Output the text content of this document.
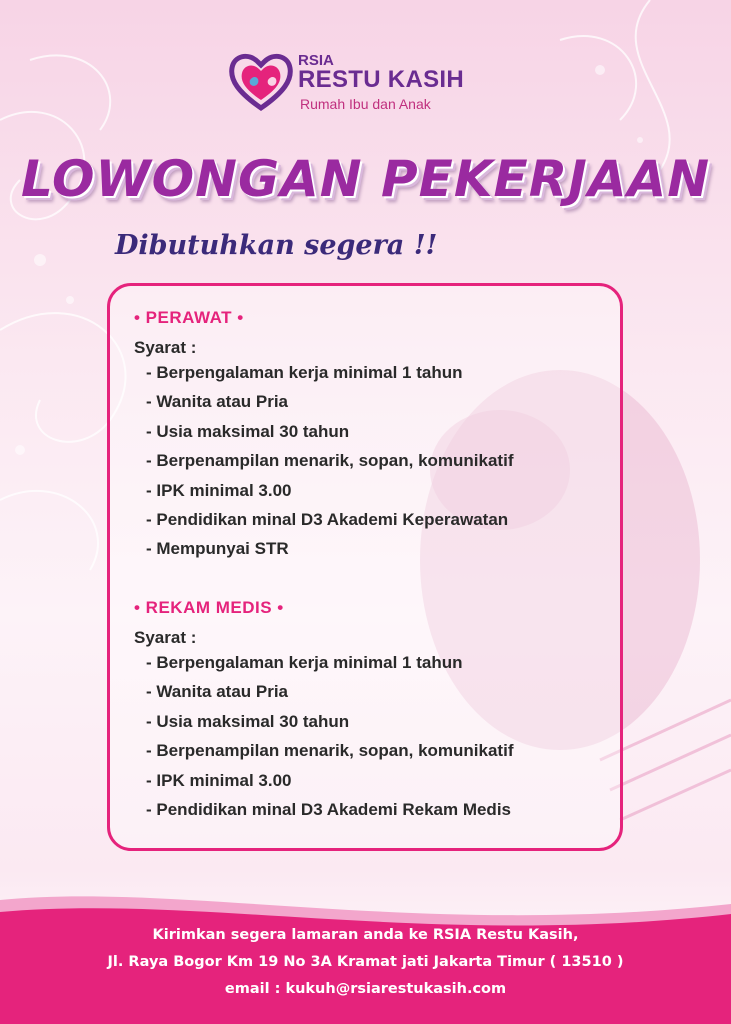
RSIA
RESTU KASIH
Rumah Ibu dan Anak
LOWONGAN PEKERJAAN
Dibutuhkan segera !!
• PERAWAT •
Syarat :
- Berpengalaman kerja minimal 1 tahun
- Wanita atau Pria
- Usia maksimal 30 tahun
- Berpenampilan menarik, sopan, komunikatif
- IPK minimal 3.00
- Pendidikan minal D3 Akademi Keperawatan
- Mempunyai STR
• REKAM MEDIS •
Syarat :
- Berpengalaman kerja minimal 1 tahun
- Wanita atau Pria
- Usia maksimal 30 tahun
- Berpenampilan menarik, sopan, komunikatif
- IPK minimal 3.00
- Pendidikan minal D3 Akademi Rekam Medis
Kirimkan segera lamaran anda ke RSIA Restu Kasih,
Jl. Raya Bogor Km 19 No 3A Kramat jati Jakarta Timur ( 13510 )
email : kukuh@rsiarestukasih.com
